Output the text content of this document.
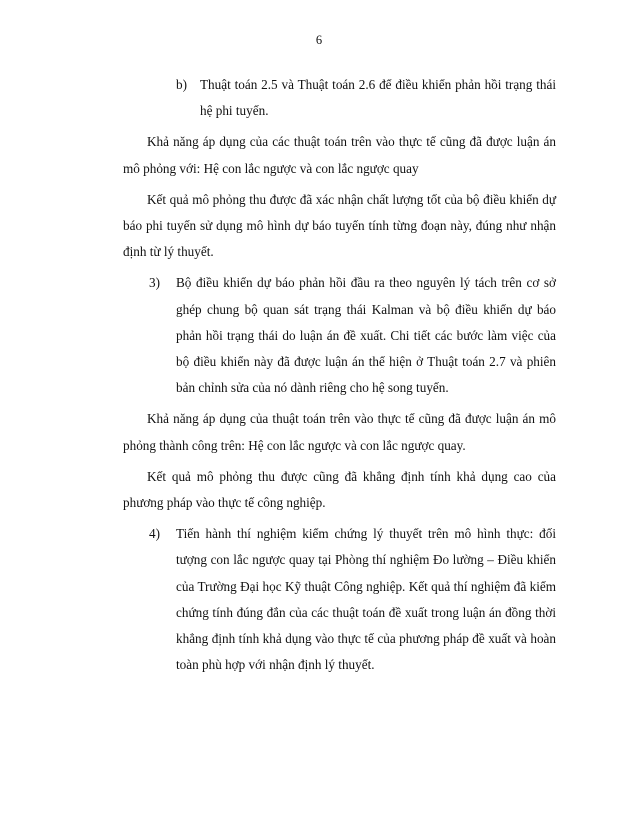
6
b) Thuật toán 2.5 và Thuật toán 2.6 để điều khiển phản hồi trạng thái hệ phi tuyến.

Khả năng áp dụng của các thuật toán trên vào thực tế cũng đã được luận án mô phỏng với: Hệ con lắc ngược và con lắc ngược quay

Kết quả mô phỏng thu được đã xác nhận chất lượng tốt của bộ điều khiển dự báo phi tuyến sử dụng mô hình dự báo tuyến tính từng đoạn này, đúng như nhận định từ lý thuyết.

3) Bộ điều khiển dự báo phản hồi đầu ra theo nguyên lý tách trên cơ sở ghép chung bộ quan sát trạng thái Kalman và bộ điều khiển dự báo phản hồi trạng thái do luận án đề xuất. Chi tiết các bước làm việc của bộ điều khiển này đã được luận án thể hiện ở Thuật toán 2.7 và phiên bản chỉnh sửa của nó dành riêng cho hệ song tuyến.

Khả năng áp dụng của thuật toán trên vào thực tế cũng đã được luận án mô phỏng thành công trên: Hệ con lắc ngược và con lắc ngược quay.

Kết quả mô phỏng thu được cũng đã khẳng định tính khả dụng cao của phương pháp vào thực tế công nghiệp.

4) Tiến hành thí nghiệm kiểm chứng lý thuyết trên mô hình thực: đối tượng con lắc ngược quay tại Phòng thí nghiệm Đo lường – Điều khiển của Trường Đại học Kỹ thuật Công nghiệp. Kết quả thí nghiệm đã kiểm chứng tính đúng đắn của các thuật toán đề xuất trong luận án đồng thời khẳng định tính khả dụng vào thực tế của phương pháp đề xuất và hoàn toàn phù hợp với nhận định lý thuyết.
